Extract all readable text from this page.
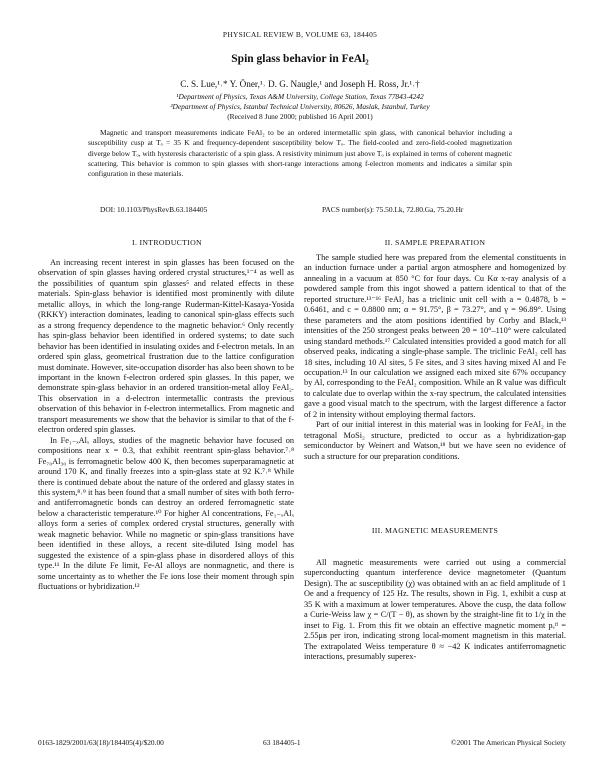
PHYSICAL REVIEW B, VOLUME 63, 184405
Spin glass behavior in FeAl₂
C. S. Lue,¹˒* Y. Öner,¹˒ D. G. Naugle,¹ and Joseph H. Ross, Jr.¹˒†
¹Department of Physics, Texas A&M University, College Station, Texas 77843-4242
²Department of Physics, Istanbul Technical University, 80626, Maslak, Istanbul, Turkey
(Received 8 June 2000; published 16 April 2001)
Magnetic and transport measurements indicate FeAl₂ to be an ordered intermetallic spin glass, with canonical behavior including a susceptibility cusp at Tₒ = 35 K and frequency-dependent susceptibility below Tₒ. The field-cooled and zero-field-cooled magnetization diverge below Tₒ, with hysteresis characteristic of a spin glass. A resistivity minimum just above Tₒ is explained in terms of coherent magnetic scattering. This behavior is common to spin glasses with short-range interactions among f-electron moments and indicates a similar spin configuration in these materials.
DOI: 10.1103/PhysRevB.63.184405	PACS number(s): 75.50.Lk, 72.80.Ga, 75.20.Hr
I. INTRODUCTION

An increasing recent interest in spin glasses has been focused on the observation of spin glasses having ordered crystal structures,¹⁻⁴ as well as the possibilities of quantum spin glasses⁵ and related effects in these materials. Spin-glass behavior is identified most prominently with dilute metallic alloys, in which the long-range Ruderman-Kittel-Kasaya-Yosida (RKKY) interaction dominates, leading to canonical spin-glass effects such as a strong frequency dependence to the magnetic behavior.⁶ Only recently has spin-glass behavior been identified in ordered systems; to date such behavior has been identified in insulating oxides and f-electron metals. In an ordered spin glass, geometrical frustration due to the lattice configuration must dominate. However, site-occupation disorder has also been shown to be important in the known f-electron ordered spin glasses. In this paper, we demonstrate spin-glass behavior in an ordered transition-metal alloy FeAl₂. This observation in a d-electron intermetallic contrasts the previous observation of this behavior in f-electron intermetallics. From magnetic and transport measurements we show that the behavior is similar to that of the f-electron ordered spin glasses.

In Fe₁₋ₓAlₓ alloys, studies of the magnetic behavior have focused on compositions near x = 0.3, that exhibit reentrant spin-glass behavior.⁷˒⁸ Fe₇₀Al₃₀ is ferromagnetic below 400 K, then becomes superparamagnetic at around 170 K, and finally freezes into a spin-glass state at 92 K.⁷˒⁸ While there is continued debate about the nature of the ordered and glassy states in this system,⁸˒⁹ it has been found that a small number of sites with both ferro- and antiferromagnetic bonds can destroy an ordered ferromagnetic state below a characteristic temperature.¹⁰ For higher Al concentrations, Fe₁₋ₓAlₓ alloys form a series of complex ordered crystal structures, generally with weak magnetic behavior. While no magnetic or spin-glass transitions have been identified in these alloys, a recent site-diluted Ising model has suggested the existence of a spin-glass phase in disordered alloys of this type.¹¹ In the dilute Fe limit, Fe-Al alloys are nonmagnetic, and there is some uncertainty as to whether the Fe ions lose their moment through spin fluctuations or hybridization.¹²

II. SAMPLE PREPARATION

The sample studied here was prepared from the elemental constituents in an induction furnace under a partial argon atmosphere and homogenized by annealing in a vacuum at 850 °C for four days. Cu Kα x-ray analysis of a powdered sample from this ingot showed a pattern identical to that of the reported structure.¹³⁻¹⁶ FeAl₂ has a triclinic unit cell with a = 0.4878, b = 0.6461, and c = 0.8800 nm; α = 91.75°, β = 73.27°, and γ = 96.89°. Using these parameters and the atom positions identified by Corby and Black,¹³ intensities of the 250 strongest peaks between 2θ = 10°–110° were calculated using standard methods.¹⁷ Calculated intensities provided a good match for all observed peaks, indicating a single-phase sample. The triclinic FeAl₂ cell has 18 sites, including 10 Al sites, 5 Fe sites, and 3 sites having mixed Al and Fe occupation.¹³ In our calculation we assigned each mixed site 67% occupancy by Al, corresponding to the FeAl₂ composition. While an R value was difficult to calculate due to overlap within the x-ray spectrum, the calculated intensities gave a good visual match to the spectrum, with the largest difference a factor of 2 in intensity without employing thermal factors.

Part of our initial interest in this material was in looking for FeAl₂ in the tetragonal MoSi₂ structure, predicted to occur as a hybridization-gap semiconductor by Weinert and Watson,¹⁸ but we have seen no evidence of such a structure for our preparation conditions.

III. MAGNETIC MEASUREMENTS

All magnetic measurements were carried out using a commercial superconducting quantum interference device magnetometer (Quantum Design). The ac susceptibility (χ) was obtained with an ac field amplitude of 1 Oe and a frequency of 125 Hz. The results, shown in Fig. 1, exhibit a cusp at 35 K with a maximum at lower temperatures. Above the cusp, the data follow a Curie-Weiss law χ = C/(T − θ), as shown by the straight-line fit to 1/χ in the inset to Fig. 1. From this fit we obtain an effective magnetic moment pₑᶠᶠ = 2.55μʙ per iron, indicating strong local-moment magnetism in this material. The extrapolated Weiss temperature θ ≈ −42 K indicates antiferromagnetic interactions, presumably superex-

0163-1829/2001/63(18)/184405(4)/$20.00	63 184405-1	©2001 The American Physical Society
